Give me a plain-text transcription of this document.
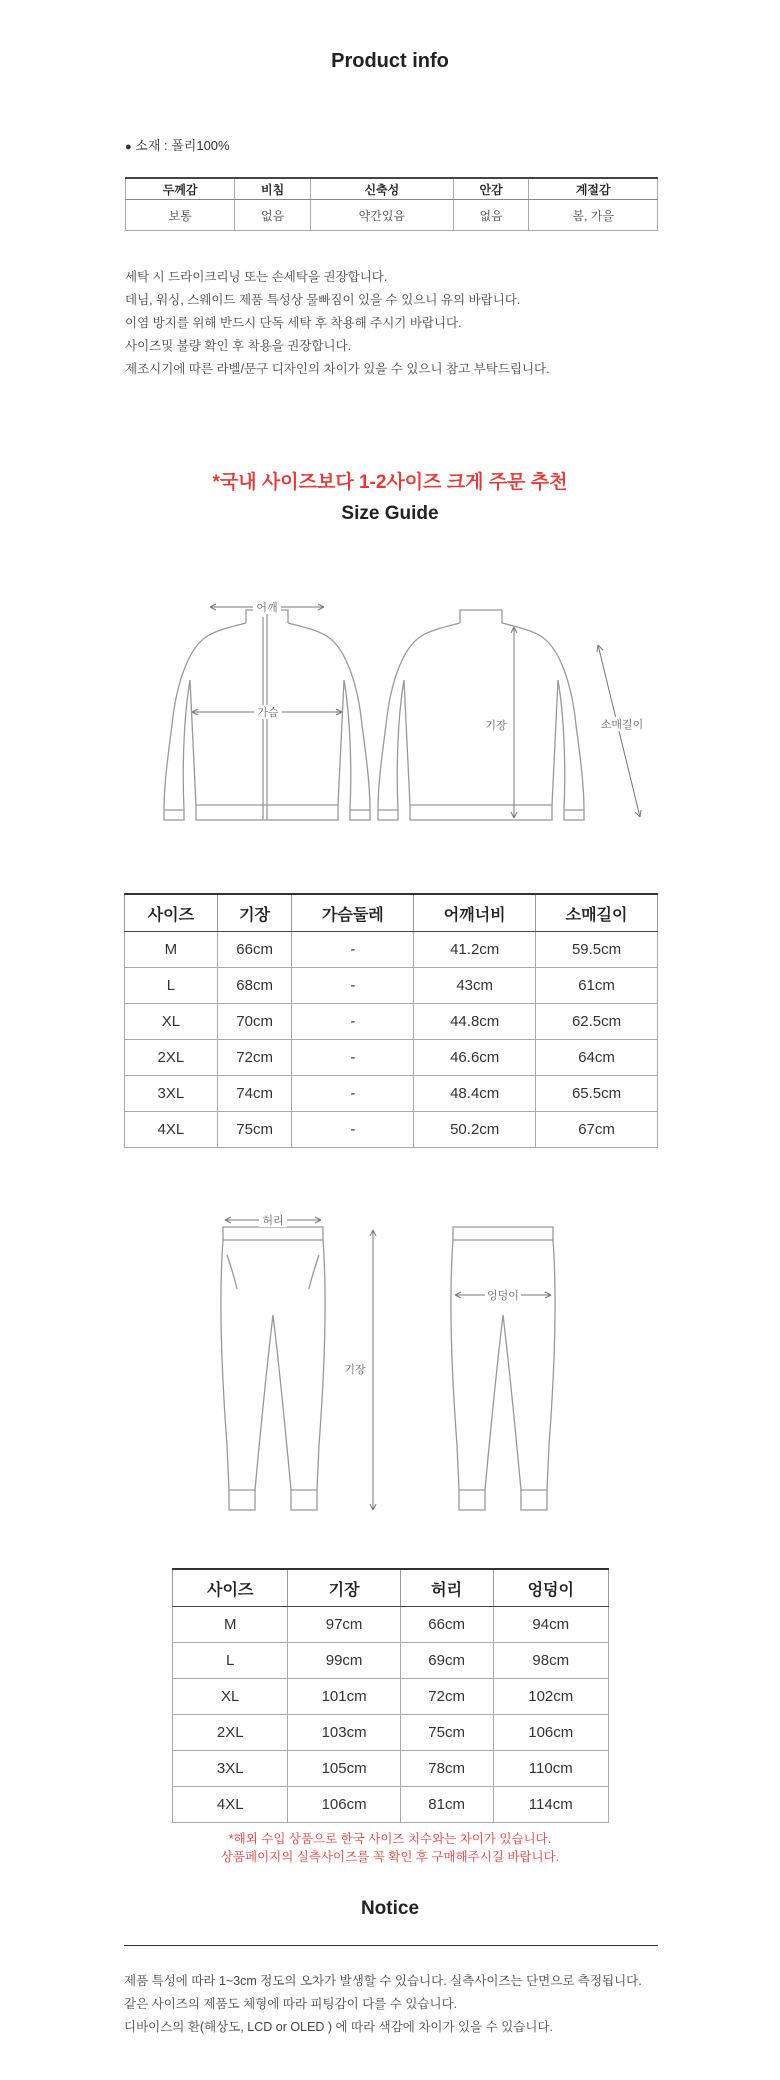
Product info
● 소재 : 폴리100%
두께감	비침	신축성	안감	계절감
보통	없음	약간있음	없음	봄, 가을

세탁 시 드라이크리닝 또는 손세탁을 권장합니다.

데님, 워싱, 스웨이드 제품 특성상 물빠짐이 있을 수 있으니 유의 바랍니다.

이염 방지를 위해 반드시 단독 세탁 후 착용해 주시기 바랍니다.

사이즈및 불량 확인 후 착용을 권장합니다.

제조시기에 따른 라벨/문구 디자인의 차이가 있을 수 있으니 참고 부탁드립니다.

*국내 사이즈보다 1-2사이즈 크게 주문 추천
Size Guide
어깨
가슴
기장	소매길이
사이즈	기장	가슴둘레	어깨너비	소매길이
M	66cm	-	41.2cm	59.5cm
L	68cm	-	43cm	61cm
XL	70cm	-	44.8cm	62.5cm
2XL	72cm	-	46.6cm	64cm
3XL	74cm	-	48.4cm	65.5cm
4XL	75cm	-	50.2cm	67cm
허리
기장
엉덩이
사이즈	기장	허리	엉덩이
M	97cm	66cm	94cm
L	99cm	69cm	98cm
XL	101cm	72cm	102cm
2XL	103cm	75cm	106cm
3XL	105cm	78cm	110cm
4XL	106cm	81cm	114cm
*해외 수입 상품으로 한국 사이즈 치수와는 차이가 있습니다.
상품페이지의 실측사이즈를 꼭 확인 후 구매해주시길 바랍니다.
Notice

제품 특성에 따라 1~3cm 정도의 오차가 발생할 수 있습니다. 실측사이즈는 단면으로 측정됩니다.

같은 사이즈의 제품도 체형에 따라 피팅감이 다를 수 있습니다.

디바이스의 환(해상도, LCD or OLED ) 에 따라 색감에 차이가 있을 수 있습니다.
